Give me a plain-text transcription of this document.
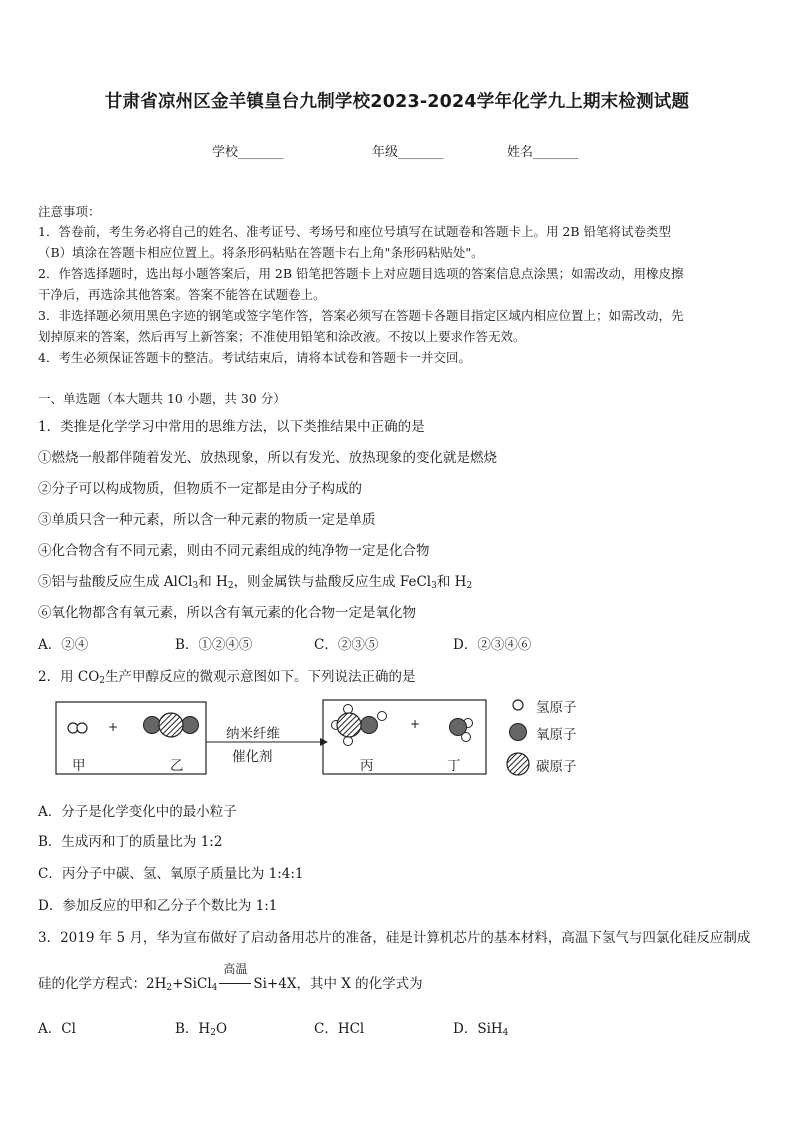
甘肃省凉州区金羊镇皇台九制学校2023-2024学年化学九上期末检测试题
学校_______	年级_______	姓名_______
注意事项：
1．答卷前，考生务必将自己的姓名、准考证号、考场号和座位号填写在试题卷和答题卡上。用 2B 铅笔将试卷类型
（B）填涂在答题卡相应位置上。将条形码粘贴在答题卡右上角"条形码粘贴处"。
2．作答选择题时，选出每小题答案后，用 2B 铅笔把答题卡上对应题目选项的答案信息点涂黑；如需改动，用橡皮擦
干净后，再选涂其他答案。答案不能答在试题卷上。
3．非选择题必须用黑色字迹的钢笔或签字笔作答，答案必须写在答题卡各题目指定区域内相应位置上；如需改动，先
划掉原来的答案，然后再写上新答案；不准使用铅笔和涂改液。不按以上要求作答无效。
4．考生必须保证答题卡的整洁。考试结束后，请将本试卷和答题卡一并交回。
一、单选题（本大题共 10 小题，共 30 分）
1．类推是化学学习中常用的思维方法，以下类推结果中正确的是
①燃烧一般都伴随着发光、放热现象，所以有发光、放热现象的变化就是燃烧
②分子可以构成物质，但物质不一定都是由分子构成的
③单质只含一种元素，所以含一种元素的物质一定是单质
④化合物含有不同元素，则由不同元素组成的纯净物一定是化合物
⑤铝与盐酸反应生成 AlCl$_3$和 $H_2$，则金属铁与盐酸反应生成 FeCl$_3$和 $H_2$
⑥氧化物都含有氧元素，所以含有氧元素的化合物一定是氧化物
A．②④	B．①②④⑤	C．②③⑤	D．②③④⑥
2．用 $CO_2$生产甲醇反应的微观示意图如下。下列说法正确的是
+	+
甲	乙	丙	丁
纳米纤维
催化剂
氢原子
氧原子
碳原子
A．分子是化学变化中的最小粒子
B．生成丙和丁的质量比为 1:2
C．丙分子中碳、氢、氧原子质量比为 1:4:1
D．参加反应的甲和乙分子个数比为 1:1
3．2019 年 5 月，华为宣布做好了启动备用芯片的准备，硅是计算机芯片的基本材料，高温下氢气与四氯化硅反应制成
硅的化学方程式：$2H_2+SiCl_4$
高温
Si+4X，其中 X 的化学式为
A．Cl	B．$H_2O$	C．HCl	D．SiH$_4$
